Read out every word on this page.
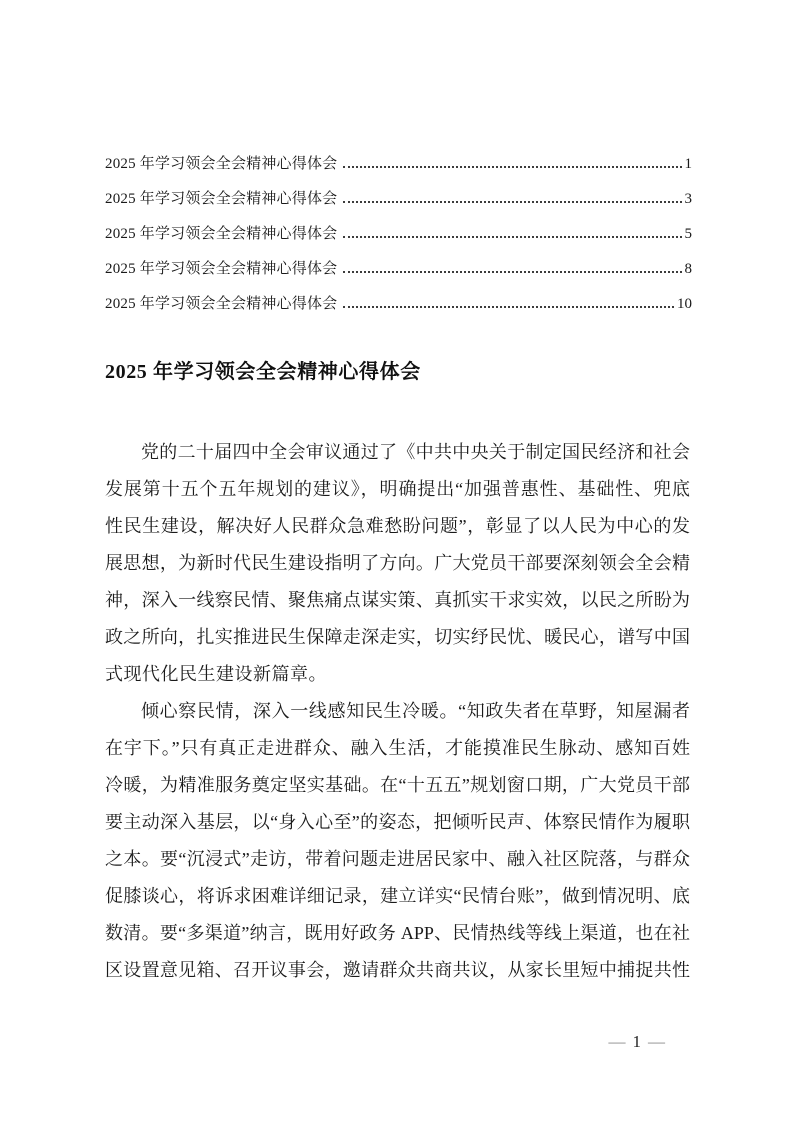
2025 年学习领会全会精神心得体会	1
2025 年学习领会全会精神心得体会	3
2025 年学习领会全会精神心得体会	5
2025 年学习领会全会精神心得体会	8
2025 年学习领会全会精神心得体会	10
2025 年学习领会全会精神心得体会
党的二十届四中全会审议通过了《中共中央关于制定国民经济和社会
发展第十五个五年规划的建议》，明确提出“加强普惠性、基础性、兜底
性民生建设，解决好人民群众急难愁盼问题”，彰显了以人民为中心的发
展思想，为新时代民生建设指明了方向。广大党员干部要深刻领会全会精
神，深入一线察民情、聚焦痛点谋实策、真抓实干求实效，以民之所盼为
政之所向，扎实推进民生保障走深走实，切实纾民忧、暖民心，谱写中国
式现代化民生建设新篇章。
倾心察民情，深入一线感知民生冷暖。“知政失者在草野，知屋漏者
在宇下。”只有真正走进群众、融入生活，才能摸准民生脉动、感知百姓
冷暖，为精准服务奠定坚实基础。在“十五五”规划窗口期，广大党员干部
要主动深入基层，以“身入心至”的姿态，把倾听民声、体察民情作为履职
之本。要“沉浸式”走访，带着问题走进居民家中、融入社区院落，与群众
促膝谈心，将诉求困难详细记录，建立详实“民情台账”，做到情况明、底
数清。要“多渠道”纳言，既用好政务 APP、民情热线等线上渠道，也在社
区设置意见箱、召开议事会，邀请群众共商共议，从家长里短中捕捉共性
— 1 —
